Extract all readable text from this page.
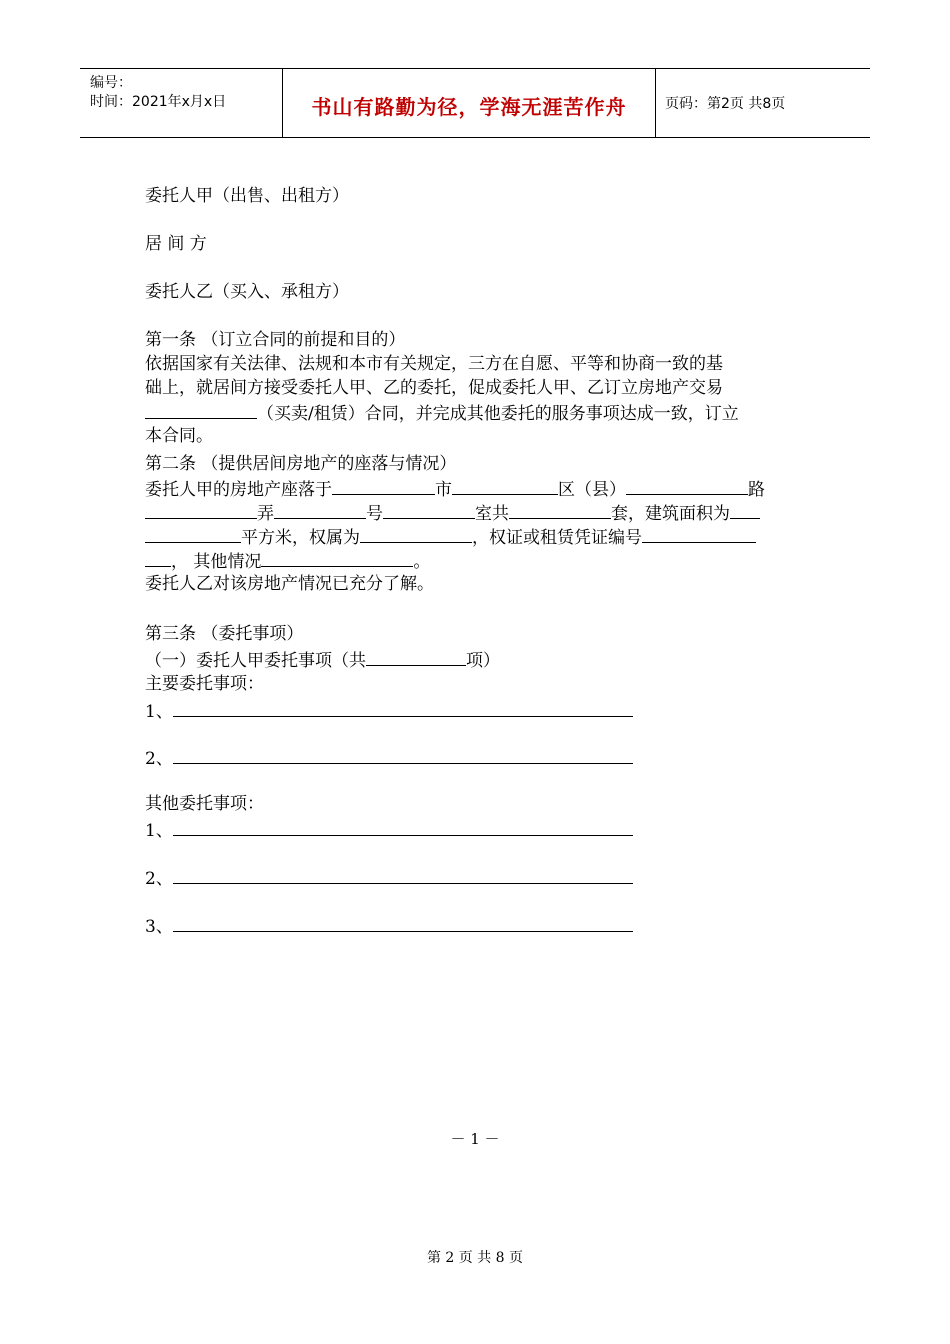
编号：
时间：2021年x月x日	书山有路勤为径，学海无涯苦作舟	页码：第2页 共8页
委托人甲（出售、出租方）
居 间 方
委托人乙（买入、承租方）
第一条 （订立合同的前提和目的）
依据国家有关法律、法规和本市有关规定，三方在自愿、平等和协商一致的基
础上，就居间方接受委托人甲、乙的委托，促成委托人甲、乙订立房地产交易
（买卖/租赁）合同，并完成其他委托的服务事项达成一致，订立
本合同。
第二条 （提供居间房地产的座落与情况）
委托人甲的房地产座落于	市	区（县）	路
弄	号	室共	套，建筑面积为
平方米，权属为	，权证或租赁凭证编号
， 其他情况	。
委托人乙对该房地产情况已充分了解。
第三条 （委托事项）
（一）委托人甲委托事项（共	项）
主要委托事项：
1、
2、
其他委托事项：
1、
2、
3、
－ 1 －
第 2 页 共 8 页
